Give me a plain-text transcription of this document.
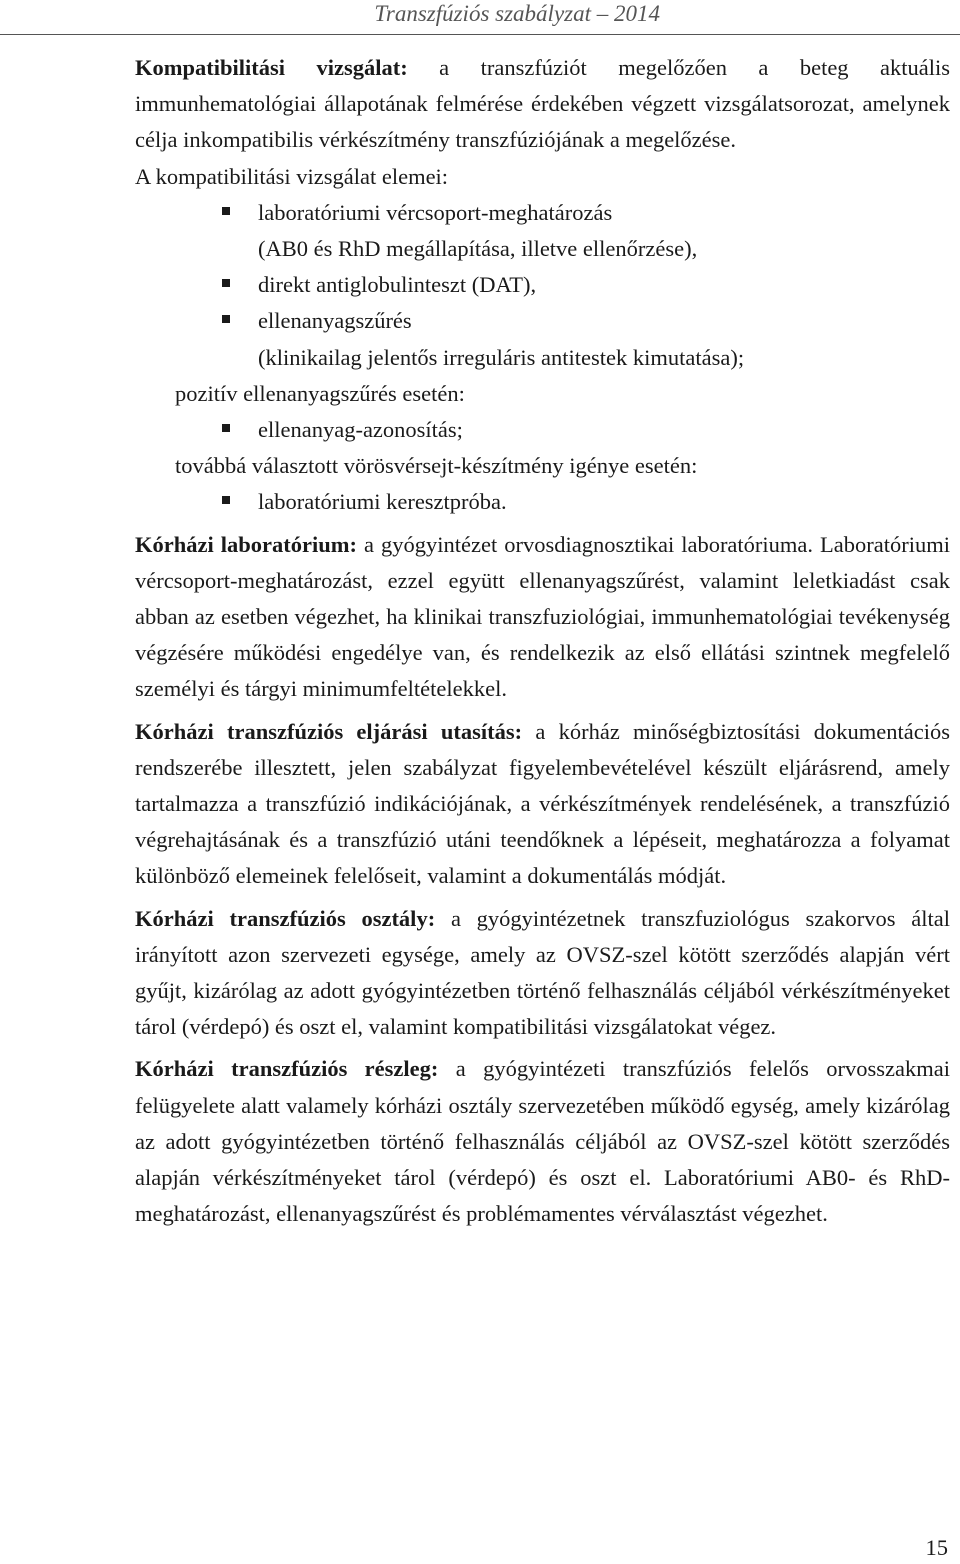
Transzfúziós szabályzat – 2014

Kompatibilitási vizsgálat: a transzfúziót megelőzően a beteg aktuális immunhematológiai állapotának felmérése érdekében végzett vizsgálatsorozat, amelynek célja inkompatibilis vérkészítmény transzfúziójának a megelőzése.

A kompatibilitási vizsgálat elemei:
laboratóriumi vércsoport-meghatározás
(AB0 és RhD megállapítása, illetve ellenőrzése),
direkt antiglobulinteszt (DAT),
ellenanyagszűrés
(klinikailag jelentős irreguláris antitestek kimutatása);
pozitív ellenanyagszűrés esetén:
ellenanyag-azonosítás;
továbbá választott vörösvérsejt-készítmény igénye esetén:
laboratóriumi keresztpróba.

Kórházi laboratórium: a gyógyintézet orvosdiagnosztikai laboratóriuma. Laboratóriumi vércsoport-meghatározást, ezzel együtt ellenanyagszűrést, valamint leletkiadást csak abban az esetben végezhet, ha klinikai transzfuziológiai, immunhematológiai tevékenység végzésére működési engedélye van, és rendelkezik az első ellátási szintnek megfelelő személyi és tárgyi minimumfeltételekkel.

Kórházi transzfúziós eljárási utasítás: a kórház minőségbiztosítási dokumentációs rendszerébe illesztett, jelen szabályzat figyelembevételével készült eljárásrend, amely tartalmazza a transzfúzió indikációjának, a vérkészítmények rendelésének, a transzfúzió végrehajtásának és a transzfúzió utáni teendőknek a lépéseit, meghatározza a folyamat különböző elemeinek felelőseit, valamint a dokumentálás módját.

Kórházi transzfúziós osztály: a gyógyintézetnek transzfuziológus szakorvos által irányított azon szervezeti egysége, amely az OVSZ-szel kötött szerződés alapján vért gyűjt, kizárólag az adott gyógyintézetben történő felhasználás céljából vérkészítményeket tárol (vérdepó) és oszt el, valamint kompatibilitási vizsgálatokat végez.

Kórházi transzfúziós részleg: a gyógyintézeti transzfúziós felelős orvosszakmai felügyelete alatt valamely kórházi osztály szervezetében működő egység, amely kizárólag az adott gyógyintézetben történő felhasználás céljából az OVSZ-szel kötött szerződés alapján vérkészítményeket tárol (vérdepó) és oszt el. Laboratóriumi AB0- és RhD-meghatározást, ellenanyagszűrést és problémamentes vérválasztást végezhet.

15
